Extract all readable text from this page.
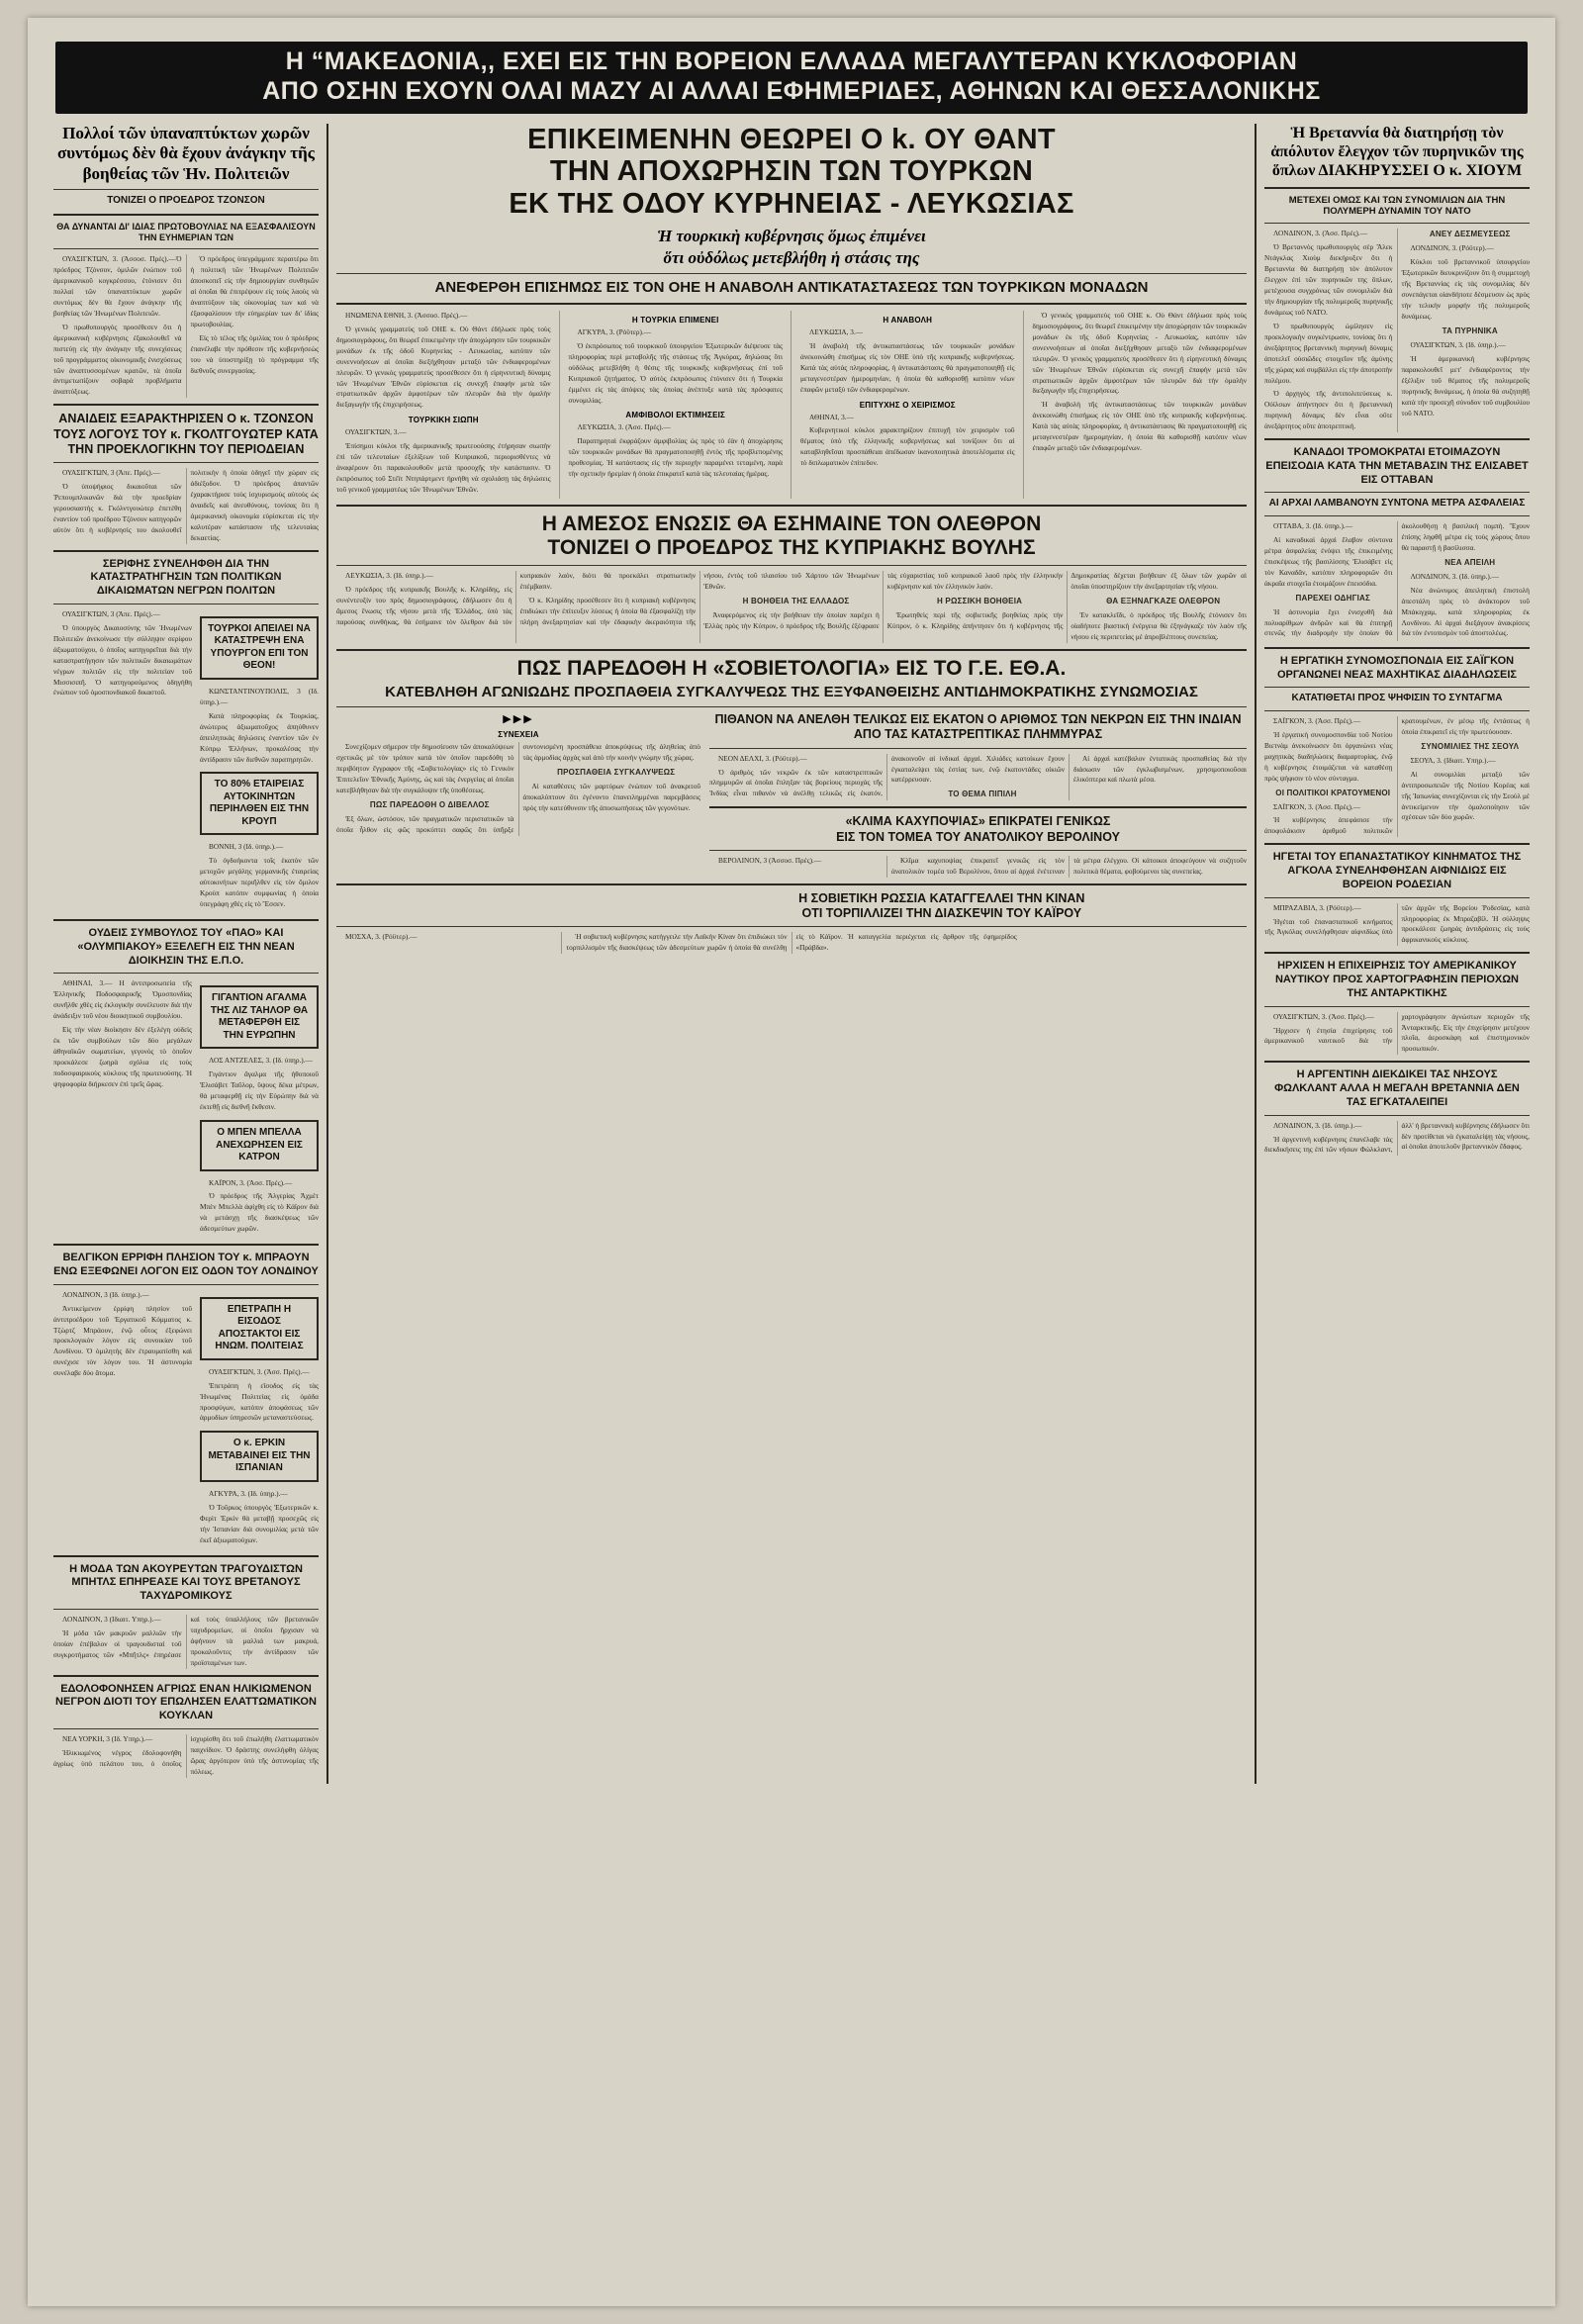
Η “ΜΑΚΕΔΟΝΙΑ,, ΕΧΕΙ ΕΙΣ ΤΗΝ ΒΟΡΕΙΟΝ ΕΛΛΑΔΑ ΜΕΓΑΛΥΤΕΡΑΝ ΚΥΚΛΟΦΟΡΙΑΝ
ΑΠΟ ΟΣΗΝ ΕΧΟΥΝ ΟΛΑΙ ΜΑΖΥ ΑΙ ΑΛΛΑΙ ΕΦΗΜΕΡΙΔΕΣ, ΑΘΗΝΩΝ ΚΑΙ ΘΕΣΣΑΛΟΝΙΚΗΣ
Πολλοί τῶν ὑπαναπτύκτων χωρῶν συντόμως δὲν θὰ ἔχουν ἀνάγκην τῆς βοηθείας τῶν Ἡν. Πολιτειῶν
ΤΟΝΙΖΕΙ Ο ΠΡΟΕΔΡΟΣ ΤΖΟΝΣΟΝ
ΘΑ ΔΥΝΑΝΤΑΙ ΔΙ' ΙΔΙΑΣ ΠΡΩΤΟΒΟΥΛΙΑΣ ΝΑ ΕΞΑΣΦΑΛΙΣΟΥΝ ΤΗΝ ΕΥΗΜΕΡΙΑΝ ΤΩΝ

ΟΥΑΣΙΓΚΤΩΝ, 3. (Άσσοσ. Πρές).—Ὁ πρόεδρος Τζόνσον, ὁμιλῶν ἐνώπιον τοῦ ἀμερικανικοῦ κογκρέσσου, ἐτόνισεν ὅτι πολλαί τῶν ὑπαναπτύκτων χωρῶν συντόμως δὲν θὰ ἔχουν ἀνάγκην τῆς βοηθείας τῶν Ἡνωμένων Πολιτειῶν.

Ὁ πρωθυπουργὸς προσέθεσεν ὅτι ἡ ἀμερικανικὴ κυβέρνησις ἐξακολουθεῖ νὰ πιστεύῃ εἰς τὴν ἀνάγκην τῆς συνεχίσεως τοῦ προγράμματος οἰκονομικῆς ἐνισχύσεως τῶν ἀναπτυσσομένων κρατῶν, τὰ ὁποῖα ἀντιμετωπίζουν σοβαρὰ προβλήματα ἀναπτύξεως.

Ὁ πρόεδρος ὑπεγράμμισε περαιτέρω ὅτι ἡ πολιτικὴ τῶν Ἡνωμένων Πολιτειῶν ἀποσκοπεῖ εἰς τὴν δημιουργίαν συνθηκῶν αἱ ὁποῖαι θὰ ἐπιτρέψουν εἰς τοὺς λαοὺς νὰ ἀναπτύξουν τὰς οἰκονομίας των καὶ νὰ ἐξασφαλίσουν τὴν εὐημερίαν των δι' ἰδίας πρωτοβουλίας.

Εἰς τὸ τέλος τῆς ὁμιλίας του ὁ πρόεδρος ἐπανέλαβε τὴν πρόθεσιν τῆς κυβερνήσεώς του νὰ ὑποστηρίξῃ τὸ πρόγραμμα τῆς διεθνοῦς συνεργασίας.

ΑΝΑΙΔΕΙΣ ΕΞΑΡΑΚΤΗΡΙΣΕΝ Ο κ. ΤΖΟΝΣΟΝ ΤΟΥΣ ΛΟΓΟΥΣ ΤΟΥ κ. ΓΚΟΛΤΓΟΥΩΤΕΡ ΚΑΤΑ ΤΗΝ ΠΡΟΕΚΛΟΓΙΚΗΝ ΤΟΥ ΠΕΡΙΟΔΕΙΑΝ

ΟΥΑΣΙΓΚΤΩΝ, 3 (Άπε. Πρές).—

Ὁ ὑποψήφιος δικαιοῦται τῶν Ῥεπουμπλικανῶν διὰ τὴν προεδρίαν γερουσιαστὴς κ. Γκόλντγουώτερ ἐπετέθη ἐναντίον τοῦ προέδρου Τζόνσον κατηγορῶν αὐτὸν ὅτι ἡ κυβέρνησίς του ἀκολουθεῖ πολιτικὴν ἡ ὁποία ὁδηγεῖ τὴν χώραν εἰς ἀδιέξοδον. Ὁ πρόεδρος ἀπαντῶν ἐχαρακτήρισε τοὺς ἰσχυρισμοὺς αὐτοὺς ὡς ἀναιδεῖς καὶ ἀνευθύνους, τονίσας ὅτι ἡ ἀμερικανικὴ οἰκονομία εὑρίσκεται εἰς τὴν καλυτέραν κατάστασιν τῆς τελευταίας δεκαετίας.

ΣΕΡΙΦΗΣ ΣΥΝΕΛΗΦΘΗ ΔΙΑ ΤΗΝ ΚΑΤΑΣΤΡΑΤΗΓΗΣΙΝ ΤΩΝ ΠΟΛΙΤΙΚΩΝ ΔΙΚΑΙΩΜΑΤΩΝ ΝΕΓΡΩΝ ΠΟΛΙΤΩΝ

ΟΥΑΣΙΓΚΤΩΝ, 3 (Άπε. Πρές).—

Ὁ ὑπουργὸς Δικαιοσύνης τῶν Ἡνωμένων Πολιτειῶν ἀνεκοίνωσε τὴν σύλληψιν σερίφου ἀξιωματούχου, ὁ ὁποῖος κατηγορεῖται διὰ τὴν καταστρατήγησιν τῶν πολιτικῶν δικαιωμάτων νέγρων πολιτῶν εἰς τὴν πολιτείαν τοῦ Μισσισιπῆ. Ὁ κατηγορούμενος ὁδηγήθη ἐνώπιον τοῦ ὁμοσπονδιακοῦ δικαστοῦ.

ΤΟΥΡΚΟΙ ΑΠΕΙΛΕΙ ΝΑ ΚΑΤΑΣΤΡΕΨΗ ΕΝΑ ΥΠΟΥΡΓΟΝ ΕΠΙ ΤΟΝ ΘΕΟΝ!

ΚΩΝΣΤΑΝΤΙΝΟΥΠΟΛΙΣ, 3 (Ιδ. ύπηρ.).—

Κατὰ πληροφορίας ἐκ Τουρκίας, ἀνώτερος ἀξιωματοῦχος ἀπηύθυνεν ἀπειλητικὰς δηλώσεις ἐναντίον τῶν ἐν Κύπρῳ Ἑλλήνων, προκαλέσας τὴν ἀντίδρασιν τῶν διεθνῶν παρατηρητῶν.

ΤΟ 80% ΕΤΑΙΡΕΙΑΣ ΑΥΤΟΚΙΝΗΤΩΝ ΠΕΡΙΗΛΘΕΝ ΕΙΣ ΤΗΝ ΚΡΟΥΠ

ΒΟΝΝΗ, 3 (Ιδ. ύπηρ.).—

Τὸ ὀγδοήκοντα τοῖς ἑκατὸν τῶν μετοχῶν μεγάλης γερμανικῆς ἑταιρείας αὐτοκινήτων περιῆλθεν εἰς τὸν ὅμιλον Κροὺπ κατόπιν συμφωνίας ἡ ὁποία ὑπεγράφη χθὲς εἰς τὸ Ἔσσεν.

ΟΥΔΕΙΣ ΣΥΜΒΟΥΛΟΣ ΤΟΥ «ΠΑΟ» ΚΑΙ «ΟΛΥΜΠΙΑΚΟΥ» ΕΞΕΛΕΓΗ ΕΙΣ ΤΗΝ ΝΕΑΝ ΔΙΟΙΚΗΣΙΝ ΤΗΣ Ε.Π.Ο.

ΑΘΗΝΑΙ, 3.— Η ἀντιπροσωπεία τῆς Ἑλληνικῆς Ποδοσφαιρικῆς Ὁμοσπονδίας συνῆλθε χθὲς εἰς ἐκλογικὴν συνέλευσιν διὰ τὴν ἀνάδειξιν τοῦ νέου διοικητικοῦ συμβουλίου.

Εἰς τὴν νέαν διοίκησιν δὲν ἐξελέγη οὐδεὶς ἐκ τῶν συμβούλων τῶν δύο μεγάλων ἀθηναϊκῶν σωματείων, γεγονὸς τὸ ὁποῖον προεκάλεσε ζωηρὰ σχόλια εἰς τοὺς ποδοσφαιρικοὺς κύκλους τῆς πρωτευούσης. Ἡ ψηφοφορία διήρκεσεν ἐπὶ τρεῖς ὥρας.

ΓΙΓΑΝΤΙΟΝ ΑΓΑΛΜΑ ΤΗΣ ΛΙΖ ΤΑΗΛΟΡ ΘΑ ΜΕΤΑΦΕΡΘΗ ΕΙΣ ΤΗΝ ΕΥΡΩΠΗΝ

ΛΟΣ ΑΝΤΖΕΛΕΣ, 3. (Ιδ. ύπηρ.).—

Γιγάντιον ἄγαλμα τῆς ἠθοποιοῦ Ἐλισάβετ Ταῦλορ, ὕψους δέκα μέτρων, θὰ μεταφερθῇ εἰς τὴν Εὐρώπην διὰ νὰ ἐκτεθῇ εἰς διεθνῆ ἔκθεσιν.

Ο ΜΠΕΝ ΜΠΕΛΛΑ ΑΝΕΧΩΡΗΣΕΝ ΕΙΣ ΚΑΤΡΟΝ

ΚΑΪΡΟΝ, 3. (Άσσ. Πρές).—

Ὁ πρόεδρος τῆς Ἀλγερίας Ἀχμὲτ Μπὲν Μπελλὰ ἀφίχθη εἰς τὸ Κάϊρον διὰ νὰ μετάσχῃ τῆς διασκέψεως τῶν ἀδεσμεύτων χωρῶν.

ΒΕΛΓΙΚΟΝ ΕΡΡΙΦΗ ΠΛΗΣΙΟΝ ΤΟΥ κ. ΜΠΡΑΟΥΝ ΕΝΩ ΕΞΕΦΩΝΕΙ ΛΟΓΟΝ ΕΙΣ ΟΔΟΝ ΤΟΥ ΛΟΝΔΙΝΟΥ

ΛΟΝΔΙΝΟΝ, 3 (Ιδ. ύπηρ.).—

Ἀντικείμενον ἐρρίφη πλησίον τοῦ ἀντιπροέδρου τοῦ Ἐργατικοῦ Κόμματος κ. Τζὼρτζ Μπράουν, ἐνῷ οὗτος ἐξεφώνει προεκλογικὸν λόγον εἰς συνοικίαν τοῦ Λονδίνου. Ὁ ὁμιλητὴς δὲν ἐτραυματίσθη καὶ συνέχισε τὸν λόγον του. Ἡ ἀστυνομία συνέλαβε δύο ἄτομα.

ΕΠΕΤΡΑΠΗ Η ΕΙΣΟΔΟΣ ΑΠΟΣΤΑΚΤΟΙ ΕΙΣ ΗΝΩΜ. ΠΟΛΙΤΕΙΑΣ

ΟΥΑΣΙΓΚΤΩΝ, 3. (Άσσ. Πρές).—

Ἐπετράπη ἡ εἴσοδος εἰς τὰς Ἡνωμένας Πολιτείας εἰς ὁμάδα προσφύγων, κατόπιν ἀποφάσεως τῶν ἁρμοδίων ὑπηρεσιῶν μεταναστεύσεως.

Ο κ. ΕΡΚΙΝ ΜΕΤΑΒΑΙΝΕΙ ΕΙΣ ΤΗΝ ΙΣΠΑΝΙΑΝ

ΑΓΚΥΡΑ, 3. (Ιδ. ύπηρ.).—

Ὁ Τοῦρκος ὑπουργὸς Ἐξωτερικῶν κ. Φερὶτ Ἐρκὶν θὰ μεταβῇ προσεχῶς εἰς τὴν Ἱσπανίαν διὰ συνομιλίας μετὰ τῶν ἐκεῖ ἀξιωματούχων.

Η ΜΟΔΑ ΤΩΝ ΑΚΟΥΡΕΥΤΩΝ ΤΡΑΓΟΥΔΙΣΤΩΝ ΜΠΗΤΛΣ ΕΠΗΡΕΑΣΕ ΚΑΙ ΤΟΥΣ ΒΡΕΤΑΝΟΥΣ ΤΑΧΥΔΡΟΜΙΚΟΥΣ

ΛΟΝΔΙΝΟΝ, 3 (Ιδιαιτ. Υπηρ.).—

Ἡ μόδα τῶν μακρυῶν μαλλιῶν τὴν ὁποίαν ἐπέβαλον οἱ τραγουδισταὶ τοῦ συγκροτήματος τῶν «Μπῆτλς» ἐπηρέασε καὶ τοὺς ὑπαλλήλους τῶν βρετανικῶν ταχυδρομείων, οἱ ὁποῖοι ἤρχισαν νὰ ἀφήνουν τὰ μαλλιά των μακρυά, προκαλοῦντες τὴν ἀντίδρασιν τῶν προϊσταμένων των.

ΕΔΟΛΟΦΟΝΗΣΕΝ ΑΓΡΙΩΣ ΕΝΑΝ ΗΛΙΚΙΩΜΕΝΟΝ ΝΕΓΡΟΝ ΔΙΟΤΙ ΤΟΥ ΕΠΩΛΗΣΕΝ ΕΛΑΤΤΩΜΑΤΙΚΟΝ ΚΟΥΚΛΑΝ

ΝΕΑ ΥΟΡΚΗ, 3 (Ιδ. Υπηρ.).—

Ἡλικιωμένος νέγρος ἐδολοφονήθη ἀγρίως ὑπὸ πελάτου του, ὁ ὁποῖος ἰσχυρίσθη ὅτι τοῦ ἐπωλήθη ἐλαττωματικὸν παιχνίδιον. Ὁ δράστης συνελήφθη ὀλίγας ὥρας ἀργότερον ὑπὸ τῆς ἀστυνομίας τῆς πόλεως.

ΕΠΙΚΕΙΜΕΝΗΝ ΘΕΩΡΕΙ Ο k. ΟΥ ΘΑΝΤ
ΤΗΝ ΑΠΟΧΩΡΗΣΙΝ ΤΩΝ ΤΟΥΡΚΩΝ
ΕΚ ΤΗΣ ΟΔΟΥ ΚΥΡΗΝΕΙΑΣ - ΛΕΥΚΩΣΙΑΣ
Ἡ τουρκικὴ κυβέρνησις ὅμως ἐπιμένει
ὅτι οὐδόλως μετεβλήθη ἡ στάσις της
ΑΝΕΦΕΡΘΗ ΕΠΙΣΗΜΩΣ ΕΙΣ ΤΟΝ ΟΗΕ Η ΑΝΑΒΟΛΗ ΑΝΤΙΚΑΤΑΣΤΑΣΕΩΣ ΤΩΝ ΤΟΥΡΚΙΚΩΝ ΜΟΝΑΔΩΝ

ΗΝΩΜΕΝΑ ΕΘΝΗ, 3. (Άσσοσ. Πρές).—

Ὁ γενικὸς γραμματεὺς τοῦ ΟΗΕ κ. Οὺ Θάντ ἐδήλωσε πρὸς τοὺς δημοσιογράφους, ὅτι θεωρεῖ ἐπικειμένην τὴν ἀποχώρησιν τῶν τουρκικῶν μονάδων ἐκ τῆς ὁδοῦ Κυρηνείας - Λευκωσίας, κατόπιν τῶν συνεννοήσεων αἱ ὁποῖαι διεξήχθησαν μεταξὺ τῶν ἐνδιαφερομένων πλευρῶν. Ὁ γενικὸς γραμματεὺς προσέθεσεν ὅτι ἡ εἰρηνευτικὴ δύναμις τῶν Ἡνωμένων Ἐθνῶν εὑρίσκεται εἰς συνεχῆ ἐπαφὴν μετὰ τῶν στρατιωτικῶν ἀρχῶν ἀμφοτέρων τῶν πλευρῶν διὰ τὴν ὁμαλὴν διεξαγωγὴν τῆς ἐπιχειρήσεως.

ΤΟΥΡΚΙΚΗ ΣΙΩΠΗ

ΟΥΑΣΙΓΚΤΩΝ, 3.—

Ἐπίσημοι κύκλοι τῆς ἀμερικανικῆς πρωτευούσης ἐτήρησαν σιωπὴν ἐπὶ τῶν τελευταίων ἐξελίξεων τοῦ Κυπριακοῦ, περιορισθέντες νὰ ἀναφέρουν ὅτι παρακολουθοῦν μετὰ προσοχῆς τὴν κατάστασιν. Ὁ ἐκπρόσωπος τοῦ Στέϊτ Ντηπάρτμεντ ἠρνήθη νὰ σχολιάσῃ τὰς δηλώσεις τοῦ γενικοῦ γραμματέως τῶν Ἡνωμένων Ἐθνῶν.

Η ΤΟΥΡΚΙΑ ΕΠΙΜΕΝΕΙ

ΑΓΚΥΡΑ, 3. (Ρόϋτερ).—

Ὁ ἐκπρόσωπος τοῦ τουρκικοῦ ὑπουργείου Ἐξωτερικῶν διέψευσε τὰς πληροφορίας περὶ μεταβολῆς τῆς στάσεως τῆς Ἀγκύρας, δηλώσας ὅτι οὐδόλως μετεβλήθη ἡ θέσις τῆς τουρκικῆς κυβερνήσεως ἐπὶ τοῦ Κυπριακοῦ ζητήματος. Ὁ αὐτὸς ἐκπρόσωπος ἐτόνισεν ὅτι ἡ Τουρκία ἐμμένει εἰς τὰς ἀπόψεις τὰς ὁποίας ἀνέπτυξε κατὰ τὰς πρόσφατες συνομιλίας.

ΑΜΦΙΒΟΛΟΙ ΕΚΤΙΜΗΣΕΙΣ

ΛΕΥΚΩΣΙΑ, 3. (Άσσ. Πρές).—

Παρατηρηταὶ ἐκφράζουν ἀμφιβολίας ὡς πρὸς τὸ ἐὰν ἡ ἀποχώρησις τῶν τουρκικῶν μονάδων θὰ πραγματοποιηθῇ ἐντὸς τῆς προβλεπομένης προθεσμίας. Ἡ κατάστασις εἰς τὴν περιοχὴν παραμένει τεταμένη, παρὰ τὴν σχετικὴν ἠρεμίαν ἡ ὁποία ἐπικρατεῖ κατὰ τὰς τελευταίας ἡμέρας.

Η ΑΝΑΒΟΛΗ

ΛΕΥΚΩΣΙΑ, 3.—

Ἡ ἀναβολὴ τῆς ἀντικαταστάσεως τῶν τουρκικῶν μονάδων ἀνεκοινώθη ἐπισήμως εἰς τὸν ΟΗΕ ὑπὸ τῆς κυπριακῆς κυβερνήσεως. Κατὰ τὰς αὐτὰς πληροφορίας, ἡ ἀντικατάστασις θὰ πραγματοποιηθῇ εἰς μεταγενεστέραν ἡμερομηνίαν, ἡ ὁποία θὰ καθορισθῇ κατόπιν νέων ἐπαφῶν μεταξὺ τῶν ἐνδιαφερομένων.

ΕΠΙΤΥΧΗΣ Ο ΧΕΙΡΙΣΜΟΣ

ΑΘΗΝΑΙ, 3.—

Κυβερνητικοὶ κύκλοι χαρακτηρίζουν ἐπιτυχῆ τὸν χειρισμὸν τοῦ θέματος ὑπὸ τῆς ἑλληνικῆς κυβερνήσεως καὶ τονίζουν ὅτι αἱ καταβληθεῖσαι προσπάθειαι ἀπέδωσαν ἱκανοποιητικὰ ἀποτελέσματα εἰς τὸ διπλωματικὸν ἐπίπεδον.

Ὁ γενικὸς γραμματεὺς τοῦ ΟΗΕ κ. Οὺ Θάντ ἐδήλωσε πρὸς τοὺς δημοσιογράφους, ὅτι θεωρεῖ ἐπικειμένην τὴν ἀποχώρησιν τῶν τουρκικῶν μονάδων ἐκ τῆς ὁδοῦ Κυρηνείας - Λευκωσίας, κατόπιν τῶν συνεννοήσεων αἱ ὁποῖαι διεξήχθησαν μεταξὺ τῶν ἐνδιαφερομένων πλευρῶν. Ὁ γενικὸς γραμματεὺς προσέθεσεν ὅτι ἡ εἰρηνευτικὴ δύναμις τῶν Ἡνωμένων Ἐθνῶν εὑρίσκεται εἰς συνεχῆ ἐπαφὴν μετὰ τῶν στρατιωτικῶν ἀρχῶν ἀμφοτέρων τῶν πλευρῶν διὰ τὴν ὁμαλὴν διεξαγωγὴν τῆς ἐπιχειρήσεως.

Ἡ ἀναβολὴ τῆς ἀντικαταστάσεως τῶν τουρκικῶν μονάδων ἀνεκοινώθη ἐπισήμως εἰς τὸν ΟΗΕ ὑπὸ τῆς κυπριακῆς κυβερνήσεως. Κατὰ τὰς αὐτὰς πληροφορίας, ἡ ἀντικατάστασις θὰ πραγματοποιηθῇ εἰς μεταγενεστέραν ἡμερομηνίαν, ἡ ὁποία θὰ καθορισθῇ κατόπιν νέων ἐπαφῶν μεταξὺ τῶν ἐνδιαφερομένων.

Η ΑΜΕΣΟΣ ΕΝΩΣΙΣ ΘΑ ΕΣΗΜΑΙΝΕ ΤΟΝ ΟΛΕΘΡΟΝ
ΤΟΝΙΖΕΙ Ο ΠΡΟΕΔΡΟΣ ΤΗΣ ΚΥΠΡΙΑΚΗΣ ΒΟΥΛΗΣ

ΛΕΥΚΩΣΙΑ, 3. (Ιδ. ύπηρ.).—

Ὁ πρόεδρος τῆς κυπριακῆς Βουλῆς κ. Κληρίδης, εἰς συνέντευξίν του πρὸς δημοσιογράφους, ἐδήλωσεν ὅτι ἡ ἄμεσος ἕνωσις τῆς νήσου μετὰ τῆς Ἑλλάδος, ὑπὸ τὰς παρούσας συνθήκας, θὰ ἐσήμαινε τὸν ὄλεθρον διὰ τὸν κυπριακὸν λαόν, διότι θὰ προεκάλει στρατιωτικὴν ἐπέμβασιν.

Ὁ κ. Κληρίδης προσέθεσεν ὅτι ἡ κυπριακὴ κυβέρνησις ἐπιδιώκει τὴν ἐπίτευξιν λύσεως ἡ ὁποία θὰ ἐξασφαλίζῃ τὴν πλήρη ἀνεξαρτησίαν καὶ τὴν ἐδαφικὴν ἀκεραιότητα τῆς νήσου, ἐντὸς τοῦ πλαισίου τοῦ Χάρτου τῶν Ἡνωμένων Ἐθνῶν.

Η ΒΟΗΘΕΙΑ ΤΗΣ ΕΛΛΑΔΟΣ

Ἀναφερόμενος εἰς τὴν βοήθειαν τὴν ὁποίαν παρέχει ἡ Ἑλλὰς πρὸς τὴν Κύπρον, ὁ πρόεδρος τῆς Βουλῆς ἐξέφρασε τὰς εὐχαριστίας τοῦ κυπριακοῦ λαοῦ πρὸς τὴν ἑλληνικὴν κυβέρνησιν καὶ τὸν ἑλληνικὸν λαόν.

Η ΡΩΣΣΙΚΗ ΒΟΗΘΕΙΑ

Ἐρωτηθεὶς περὶ τῆς σοβιετικῆς βοηθείας πρὸς τὴν Κύπρον, ὁ κ. Κληρίδης ἀπήντησεν ὅτι ἡ κυβέρνησις τῆς Δημοκρατίας δέχεται βοήθειαν ἐξ ὅλων τῶν χωρῶν αἱ ὁποῖαι ὑποστηρίζουν τὴν ἀνεξαρτησίαν τῆς νήσου.

ΘΑ ΕΞΗΝΑΓΚΑΖΕ ΟΛΕΘΡΟΝ

Ἐν κατακλεῖδι, ὁ πρόεδρος τῆς Βουλῆς ἐτόνισεν ὅτι οἱαδήποτε βιαστικὴ ἐνέργεια θὰ ἐξηνάγκαζε τὸν λαὸν τῆς νήσου εἰς περιπετείας μὲ ἀπροβλέπτους συνεπείας.

ΠΩΣ ΠΑΡΕΔΟΘΗ Η «ΣΟΒΙΕΤΟΛΟΓΙΑ» ΕΙΣ ΤΟ Γ.Ε. ΕΘ.Α.
ΚΑΤΕΒΛΗΘΗ ΑΓΩΝΙΩΔΗΣ ΠΡΟΣΠΑΘΕΙΑ ΣΥΓΚΑΛΥΨΕΩΣ ΤΗΣ ΕΞΥΦΑΝΘΕΙΣΗΣ ΑΝΤΙΔΗΜΟΚΡΑΤΙΚΗΣ ΣΥΝΩΜΟΣΙΑΣ
▶▶▶
ΣΥΝΕΧΕΙΑ

Συνεχίζομεν σήμερον τὴν δημοσίευσιν τῶν ἀποκαλύψεων σχετικῶς μὲ τὸν τρόπον κατὰ τὸν ὁποῖον παρεδόθη τὸ περιβόητον ἔγγραφον τῆς «Σοβιετολογίας» εἰς τὸ Γενικὸν Ἐπιτελεῖον Ἐθνικῆς Ἀμύνης, ὡς καὶ τὰς ἐνεργείας αἱ ὁποῖαι κατεβλήθησαν διὰ τὴν συγκάλυψιν τῆς ὑποθέσεως.

ΠΩΣ ΠΑΡΕΔΟΘΗ Ο ΔΙΒΕΛΛΟΣ

Ἐξ ὅλων, ὡστόσον, τῶν πραγματικῶν περιστατικῶν τὰ ὁποῖα ἦλθον εἰς φῶς προκύπτει σαφῶς ὅτι ὑπῆρξε συντονισμένη προσπάθεια ἀποκρύψεως τῆς ἀληθείας ἀπὸ τὰς ἁρμοδίας ἀρχὰς καὶ ἀπὸ τὴν κοινὴν γνώμην τῆς χώρας.

ΠΡΟΣΠΑΘΕΙΑ ΣΥΓΚΑΛΥΨΕΩΣ

Αἱ καταθέσεις τῶν μαρτύρων ἐνώπιον τοῦ ἀνακριτοῦ ἀποκαλύπτουν ὅτι ἐγένοντο ἐπανειλημμέναι παρεμβάσεις πρὸς τὴν κατεύθυνσιν τῆς ἀποσιωπήσεως τῶν γεγονότων.

ΠΙΘΑΝΟΝ ΝΑ ΑΝΕΛΘΗ ΤΕΛΙΚΩΣ ΕΙΣ ΕΚΑΤΟΝ Ο ΑΡΙΘΜΟΣ ΤΩΝ ΝΕΚΡΩΝ ΕΙΣ ΤΗΝ ΙΝΔΙΑΝ ΑΠΟ ΤΑΣ ΚΑΤΑΣΤΡΕΠΤΙΚΑΣ ΠΛΗΜΜΥΡΑΣ

ΝΕΟΝ ΔΕΛΧΙ, 3. (Ρόϋτερ).—

Ὁ ἀριθμὸς τῶν νεκρῶν ἐκ τῶν καταστρεπτικῶν πλημμυρῶν αἱ ὁποῖαι ἔπληξαν τὰς βορείους περιοχὰς τῆς Ἰνδίας εἶναι πιθανὸν νὰ ἀνέλθῃ τελικῶς εἰς ἑκατόν, ἀνακοινοῦν αἱ ἰνδικαὶ ἀρχαί. Χιλιάδες κατοίκων ἔχουν ἐγκαταλείψει τὰς ἑστίας των, ἐνῷ ἑκατοντάδες οἰκιῶν κατέρρευσαν.

ΤΟ ΘΕΜΑ ΠΙΠΙΛΗ

Αἱ ἀρχαὶ κατέβαλον ἐντατικὰς προσπαθείας διὰ τὴν διάσωσιν τῶν ἐγκλωβισμένων, χρησιμοποιοῦσαι ἑλικόπτερα καὶ πλωτὰ μέσα.

«ΚΛΙΜΑ ΚΑΧΥΠΟΨΙΑΣ» ΕΠΙΚΡΑΤΕΙ ΓΕΝΙΚΩΣ
ΕΙΣ ΤΟΝ ΤΟΜΕΑ ΤΟΥ ΑΝΑΤΟΛΙΚΟΥ ΒΕΡΟΛΙΝΟΥ

ΒΕΡΟΛΙΝΟΝ, 3 (Άσσοσ. Πρές).—	Κλῖμα καχυποψίας ἐπικρατεῖ γενικῶς εἰς τὸν ἀνατολικὸν τομέα τοῦ Βερολίνου, ὅπου αἱ ἀρχαὶ ἐνέτειναν τὰ μέτρα ἐλέγχου. Οἱ κάτοικοι ἀποφεύγουν νὰ συζητοῦν πολιτικὰ θέματα, φοβούμενοι τὰς συνεπείας.

Η ΣΟΒΙΕΤΙΚΗ ΡΩΣΣΙΑ ΚΑΤΑΓΓΕΛΛΕΙ ΤΗΝ ΚΙΝΑΝ
ΟΤΙ ΤΟΡΠΙΛΛΙΖΕΙ ΤΗΝ ΔΙΑΣΚΕΨΙΝ ΤΟΥ ΚΑΪΡΟΥ

ΜΟΣΧΑ, 3. (Ρόϋτερ).—	Ἡ σοβιετικὴ κυβέρνησις κατήγγειλε τὴν Λαϊκὴν Κίναν ὅτι ἐπιδιώκει τὸν τορπιλλισμὸν τῆς διασκέψεως τῶν ἀδεσμεύτων χωρῶν ἡ ὁποία θὰ συνέλθῃ εἰς τὸ Κάϊρον. Ἡ καταγγελία περιέχεται εἰς ἄρθρον τῆς ἐφημερίδος «Πράβδα».

Ἡ Βρεταννία θὰ διατηρήσῃ τὸν ἀπόλυτον ἔλεγχον τῶν πυρηνικῶν της ὅπλων ΔΙΑΚΗΡΥΣΣΕΙ Ο κ. ΧΙΟΥΜ
ΜΕΤΕΧΕΙ ΟΜΩΣ ΚΑΙ ΤΩΝ ΣΥΝΟΜΙΛΙΩΝ ΔΙΑ ΤΗΝ ΠΟΛΥΜΕΡΗ ΔΥΝΑΜΙΝ ΤΟΥ ΝΑΤΟ

ΛΟΝΔΙΝΟΝ, 3. (Άσσ. Πρές).—

Ὁ Βρεταννὸς πρωθυπουργὸς σὲρ Ἄλεκ Ντάγκλας Χιοὺμ διεκήρυξεν ὅτι ἡ Βρεταννία θὰ διατηρήσῃ τὸν ἀπόλυτον ἔλεγχον ἐπὶ τῶν πυρηνικῶν της ὅπλων, μετέχουσα συγχρόνως τῶν συνομιλιῶν διὰ τὴν δημιουργίαν τῆς πολυμεροῦς πυρηνικῆς δυνάμεως τοῦ ΝΑΤΟ.

Ὁ πρωθυπουργὸς ὡμίλησεν εἰς προεκλογικὴν συγκέντρωσιν, τονίσας ὅτι ἡ ἀνεξάρτητος βρεταννικὴ πυρηνικὴ δύναμις ἀποτελεῖ οὐσιῶδες στοιχεῖον τῆς ἀμύνης τῆς χώρας καὶ συμβάλλει εἰς τὴν ἀποτροπὴν πολέμου.

Ὁ ἀρχηγὸς τῆς ἀντιπολιτεύσεως κ. Οὐίλσων ἀπήντησεν ὅτι ἡ βρεταννικὴ πυρηνικὴ δύναμις δὲν εἶναι οὔτε ἀνεξάρτητος οὔτε ἀποτρεπτική.

ΑΝΕΥ ΔΕΣΜΕΥΣΕΩΣ

ΛΟΝΔΙΝΟΝ, 3. (Ρόϋτερ).—

Κύκλοι τοῦ βρεταννικοῦ ὑπουργείου Ἐξωτερικῶν διευκρινίζουν ὅτι ἡ συμμετοχὴ τῆς Βρεταννίας εἰς τὰς συνομιλίας δὲν συνεπάγεται οἱανδήποτε δέσμευσιν ὡς πρὸς τὴν τελικὴν μορφὴν τῆς πολυμεροῦς δυνάμεως.

ΤΑ ΠΥΡΗΝΙΚΑ

ΟΥΑΣΙΓΚΤΩΝ, 3. (Ιδ. ύπηρ.).—

Ἡ ἀμερικανικὴ κυβέρνησις παρακολουθεῖ μετ' ἐνδιαφέροντος τὴν ἐξέλιξιν τοῦ θέματος τῆς πολυμεροῦς πυρηνικῆς δυνάμεως, ἡ ὁποία θὰ συζητηθῇ κατὰ τὴν προσεχῆ σύνοδον τοῦ συμβουλίου τοῦ ΝΑΤΟ.

ΚΑΝΑΔΟΙ ΤΡΟΜΟΚΡΑΤΑΙ ΕΤΟΙΜΑΖΟΥΝ ΕΠΕΙΣΟΔΙΑ ΚΑΤΑ ΤΗΝ ΜΕΤΑΒΑΣΙΝ ΤΗΣ ΕΛΙΣΑΒΕΤ ΕΙΣ ΟΤΤΑΒΑΝ
ΑΙ ΑΡΧΑΙ ΛΑΜΒΑΝΟΥΝ ΣΥΝΤΟΝΑ ΜΕΤΡΑ ΑΣΦΑΛΕΙΑΣ

ΟΤΤΑΒΑ, 3. (Ιδ. ύπηρ.).—

Αἱ καναδικαὶ ἀρχαὶ ἔλαβον σύντονα μέτρα ἀσφαλείας ἐνόψει τῆς ἐπικειμένης ἐπισκέψεως τῆς βασιλίσσης Ἐλισάβετ εἰς τὸν Καναδᾶν, κατόπιν πληροφοριῶν ὅτι ἀκραῖα στοιχεῖα ἑτοιμάζουν ἐπεισόδια.

ΠΑΡΕΧΕΙ ΟΔΗΓΙΑΣ

Ἡ ἀστυνομία ἔχει ἐνισχυθῆ διὰ πολυαρίθμων ἀνδρῶν καὶ θὰ ἐπιτηρῇ στενῶς τὴν διαδρομὴν τὴν ὁποίαν θὰ ἀκολουθήσῃ ἡ βασιλικὴ πομπή. Ἔχουν ἐπίσης ληφθῆ μέτρα εἰς τοὺς χώρους ὅπου θὰ παραστῇ ἡ βασίλισσα.

ΝΕΑ ΑΠΕΙΛΗ

ΛΟΝΔΙΝΟΝ, 3. (Ιδ. ύπηρ.).—

Νέα ἀνώνυμος ἀπειλητικὴ ἐπιστολὴ ἀπεστάλη πρὸς τὸ ἀνάκτορον τοῦ Μπάκιγχαμ, κατὰ πληροφορίας ἐκ Λονδίνου. Αἱ ἀρχαὶ διεξάγουν ἀνακρίσεις διὰ τὸν ἐντοπισμὸν τοῦ ἀποστολέως.

Η ΕΡΓΑΤΙΚΗ ΣΥΝΟΜΟΣΠΟΝΔΙΑ ΕΙΣ ΣΑΪΓΚΟΝ ΟΡΓΑΝΩΝΕΙ ΝΕΑΣ ΜΑΧΗΤΙΚΑΣ ΔΙΑΔΗΛΩΣΕΙΣ
ΚΑΤΑΤΙΘΕΤΑΙ ΠΡΟΣ ΨΗΦΙΣΙΝ ΤΟ ΣΥΝΤΑΓΜΑ

ΣΑΪΓΚΟΝ, 3. (Άσσ. Πρές).—

Ἡ ἐργατικὴ συνομοσπονδία τοῦ Νοτίου Βιετνὰμ ἀνεκοίνωσεν ὅτι ὀργανώνει νέας μαχητικὰς διαδηλώσεις διαμαρτυρίας, ἐνῷ ἡ κυβέρνησις ἑτοιμάζεται νὰ καταθέσῃ πρὸς ψήφισιν τὸ νέον σύνταγμα.

ΟΙ ΠΟΛΙΤΙΚΟΙ ΚΡΑΤΟΥΜΕΝΟΙ

ΣΑΪΓΚΟΝ, 3. (Άσσ. Πρές).—

Ἡ κυβέρνησις ἀπεφάσισε τὴν ἀποφυλάκισιν ἀριθμοῦ πολιτικῶν κρατουμένων, ἐν μέσῳ τῆς ἐντάσεως ἡ ὁποία ἐπικρατεῖ εἰς τὴν πρωτεύουσαν.

ΣΥΝΟΜΙΛΙΕΣ ΤΗΣ ΣΕΟΥΛ

ΣΕΟΥΛ, 3. (Ιδιαιτ. Υπηρ.).—

Αἱ συνομιλίαι μεταξὺ τῶν ἀντιπροσωπειῶν τῆς Νοτίου Κορέας καὶ τῆς Ἰαπωνίας συνεχίζονται εἰς τὴν Σεοὺλ μὲ ἀντικείμενον τὴν ὁμαλοποίησιν τῶν σχέσεων τῶν δύο χωρῶν.

ΗΓΕΤΑΙ ΤΟΥ ΕΠΑΝΑΣΤΑΤΙΚΟΥ ΚΙΝΗΜΑΤΟΣ ΤΗΣ ΑΓΚΟΛΑ ΣΥΝΕΛΗΦΘΗΣΑΝ ΑΙΦΝΙΔΙΩΣ ΕΙΣ ΒΟΡΕΙΟΝ ΡΟΔΕΣΙΑΝ

ΜΠΡΑΖΑΒΙΛ, 3. (Ρόϋτερ).—

Ἡγέται τοῦ ἐπαναστατικοῦ κινήματος τῆς Ἀγκόλας συνελήφθησαν αἰφνιδίως ὑπὸ τῶν ἀρχῶν τῆς Βορείου Ῥοδεσίας, κατὰ πληροφορίας ἐκ Μπραζαβίλ. Ἡ σύλληψις προεκάλεσε ζωηρὰς ἀντιδράσεις εἰς τοὺς ἀφρικανικοὺς κύκλους.

ΗΡΧΙΣΕΝ Η ΕΠΙΧΕΙΡΗΣΙΣ ΤΟΥ ΑΜΕΡΙΚΑΝΙΚΟΥ ΝΑΥΤΙΚΟΥ ΠΡΟΣ ΧΑΡΤΟΓΡΑΦΗΣΙΝ ΠΕΡΙΟΧΩΝ ΤΗΣ ΑΝΤΑΡΚΤΙΚΗΣ

ΟΥΑΣΙΓΚΤΩΝ, 3. (Άσσ. Πρές).—

Ἤρχισεν ἡ ἐτησία ἐπιχείρησις τοῦ ἀμερικανικοῦ ναυτικοῦ διὰ τὴν χαρτογράφησιν ἀγνώστων περιοχῶν τῆς Ἀνταρκτικῆς. Εἰς τὴν ἐπιχείρησιν μετέχουν πλοῖα, ἀεροσκάφη καὶ ἐπιστημονικὸν προσωπικόν.

Η ΑΡΓΕΝΤΙΝΗ ΔΙΕΚΔΙΚΕΙ ΤΑΣ ΝΗΣΟΥΣ ΦΩΛΚΛΑΝΤ ΑΛΛΑ Η ΜΕΓΑΛΗ ΒΡΕΤΑΝΝΙΑ ΔΕΝ ΤΑΣ ΕΓΚΑΤΑΛΕΙΠΕΙ

ΛΟΝΔΙΝΟΝ, 3. (Ιδ. ύπηρ.).—

Ἡ ἀργεντινὴ κυβέρνησις ἐπανέλαβε τὰς διεκδικήσεις της ἐπὶ τῶν νήσων Φώλκλαντ, ἀλλ' ἡ βρεταννικὴ κυβέρνησις ἐδήλωσεν ὅτι δὲν προτίθεται νὰ ἐγκαταλείψῃ τὰς νήσους, αἱ ὁποῖαι ἀποτελοῦν βρεταννικὸν ἔδαφος.
